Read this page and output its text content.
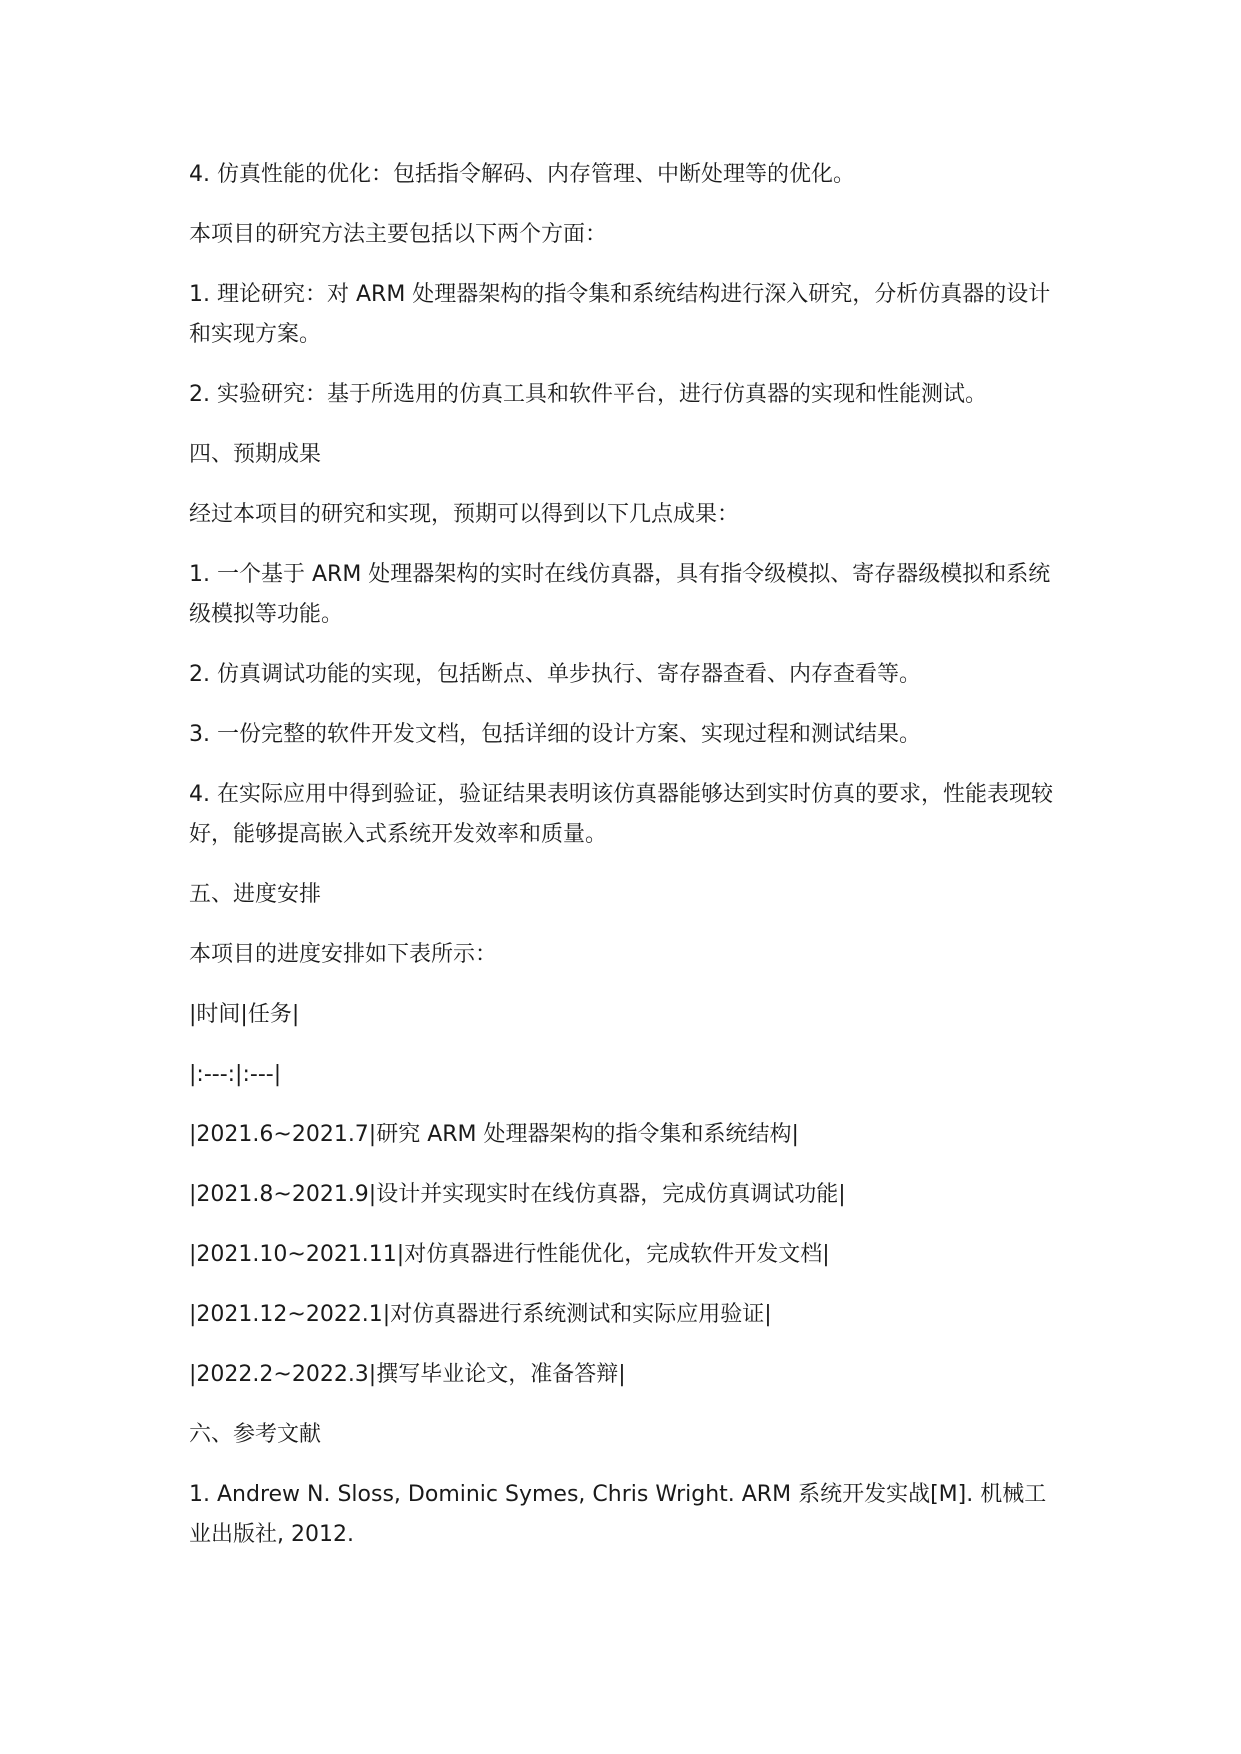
4. 仿真性能的优化：包括指令解码、内存管理、中断处理等的优化。

本项目的研究方法主要包括以下两个方面：

1. 理论研究：对 ARM 处理器架构的指令集和系统结构进行深入研究，分析仿真器的设计和实现方案。

2. 实验研究：基于所选用的仿真工具和软件平台，进行仿真器的实现和性能测试。

四、预期成果

经过本项目的研究和实现，预期可以得到以下几点成果：

1. 一个基于 ARM 处理器架构的实时在线仿真器，具有指令级模拟、寄存器级模拟和系统级模拟等功能。

2. 仿真调试功能的实现，包括断点、单步执行、寄存器查看、内存查看等。

3. 一份完整的软件开发文档，包括详细的设计方案、实现过程和测试结果。

4. 在实际应用中得到验证，验证结果表明该仿真器能够达到实时仿真的要求，性能表现较好，能够提高嵌入式系统开发效率和质量。

五、进度安排

本项目的进度安排如下表所示：

|时间|任务|

|:---:|:---|

|2021.6~2021.7|研究 ARM 处理器架构的指令集和系统结构|

|2021.8~2021.9|设计并实现实时在线仿真器，完成仿真调试功能|

|2021.10~2021.11|对仿真器进行性能优化，完成软件开发文档|

|2021.12~2022.1|对仿真器进行系统测试和实际应用验证|

|2022.2~2022.3|撰写毕业论文，准备答辩|

六、参考文献

1. Andrew N. Sloss, Dominic Symes, Chris Wright. ARM 系统开发实战[M]. 机械工业出版社, 2012.
